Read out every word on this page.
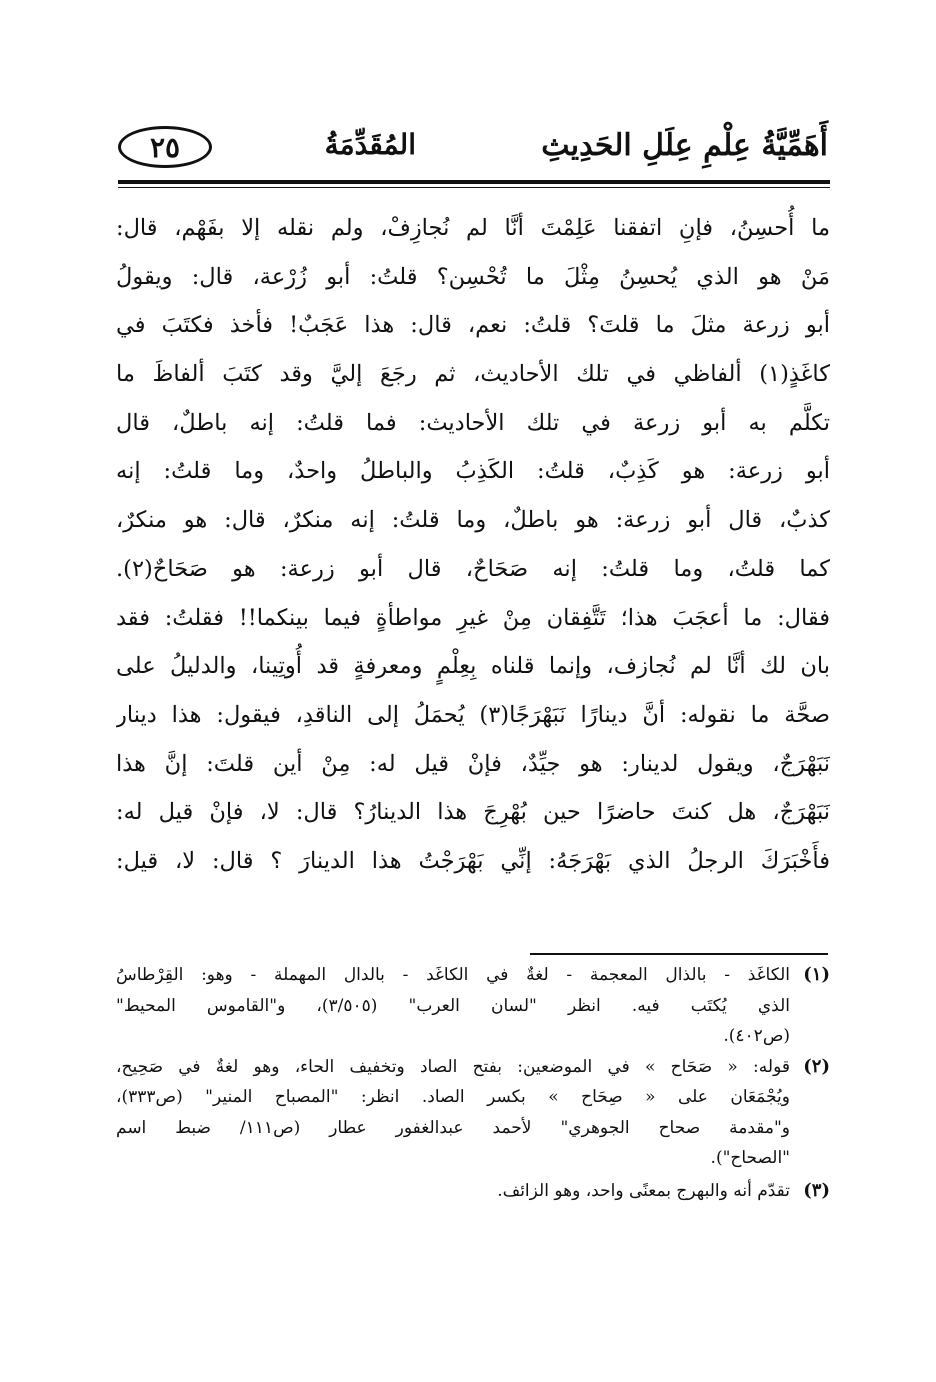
أَهَمِّيَّةُ عِلْمِ عِلَلِ الحَدِيثِ
المُقَدِّمَةُ
٢٥
ما أُحسِنُ، فإنِ اتفقنا عَلِمْتَ أنَّا لم نُجازِفْ، ولم نقله إلا بفَهْم، قال:
مَنْ هو الذي يُحسِنُ مِثْلَ ما تُحْسِن؟ قلتُ: أبو زُرْعة، قال: ويقولُ
أبو زرعة مثلَ ما قلتَ؟ قلتُ: نعم، قال: هذا عَجَبٌ! فأخذ فكتَبَ في
كاغَذٍ(١) ألفاظي في تلك الأحاديث، ثم رجَعَ إليَّ وقد كتَبَ ألفاظَ ما
تكلَّم به أبو زرعة في تلك الأحاديث: فما قلتُ: إنه باطلٌ، قال
أبو زرعة: هو كَذِبٌ، قلتُ: الكَذِبُ والباطلُ واحدٌ، وما قلتُ: إنه
كذبٌ، قال أبو زرعة: هو باطلٌ، وما قلتُ: إنه منكرٌ، قال: هو منكرٌ،
كما قلتُ، وما قلتُ: إنه صَحَاحٌ، قال أبو زرعة: هو صَحَاحٌ(٢).
فقال: ما أعجَبَ هذا؛ تَتَّفِقان مِنْ غيرِ مواطأةٍ فيما بينكما!! فقلتُ: فقد
بان لك أنَّا لم نُجازف، وإنما قلناه بِعِلْمٍ ومعرفةٍ قد أُوتِينا، والدليلُ على
صحَّة ما نقوله: أنَّ دينارًا نَبَهْرَجًا(٣) يُحمَلُ إلى الناقدِ، فيقول: هذا دينار
نَبَهْرَجٌ، ويقول لدينار: هو جيِّدٌ، فإنْ قيل له: مِنْ أين قلتَ: إنَّ هذا
نَبَهْرَجٌ، هل كنتَ حاضرًا حين بُهْرِجَ هذا الدينارُ؟ قال: لا، فإنْ قيل له:
فأَخْبَرَكَ الرجلُ الذي بَهْرَجَهُ: إنِّي بَهْرَجْتُ هذا الدينارَ ؟ قال: لا، قيل:
(١)
الكاغَذ - بالذال المعجمة - لغةٌ في الكاغَد - بالدال المهملة - وهو: القِرْطاسُ
الذي يُكتَب فيه. انظر "لسان العرب" (٣/٥٠٥)، و"القاموس المحيط"
(ص٤٠٢).
(٢)
قوله: « صَحَاح » في الموضعين: بفتح الصاد وتخفيف الحاء، وهو لغةٌ في صَحِيح،
ويُجْمَعَان على « صِحَاح » بكسر الصاد. انظر: "المصباح المنير" (ص٣٣٣)،
و"مقدمة صحاح الجوهري" لأحمد عبدالغفور عطار (ص١١١/ ضبط اسم
"الصحاح").
(٣)
تقدّم أنه والبهرج بمعنًى واحد، وهو الزائف.
